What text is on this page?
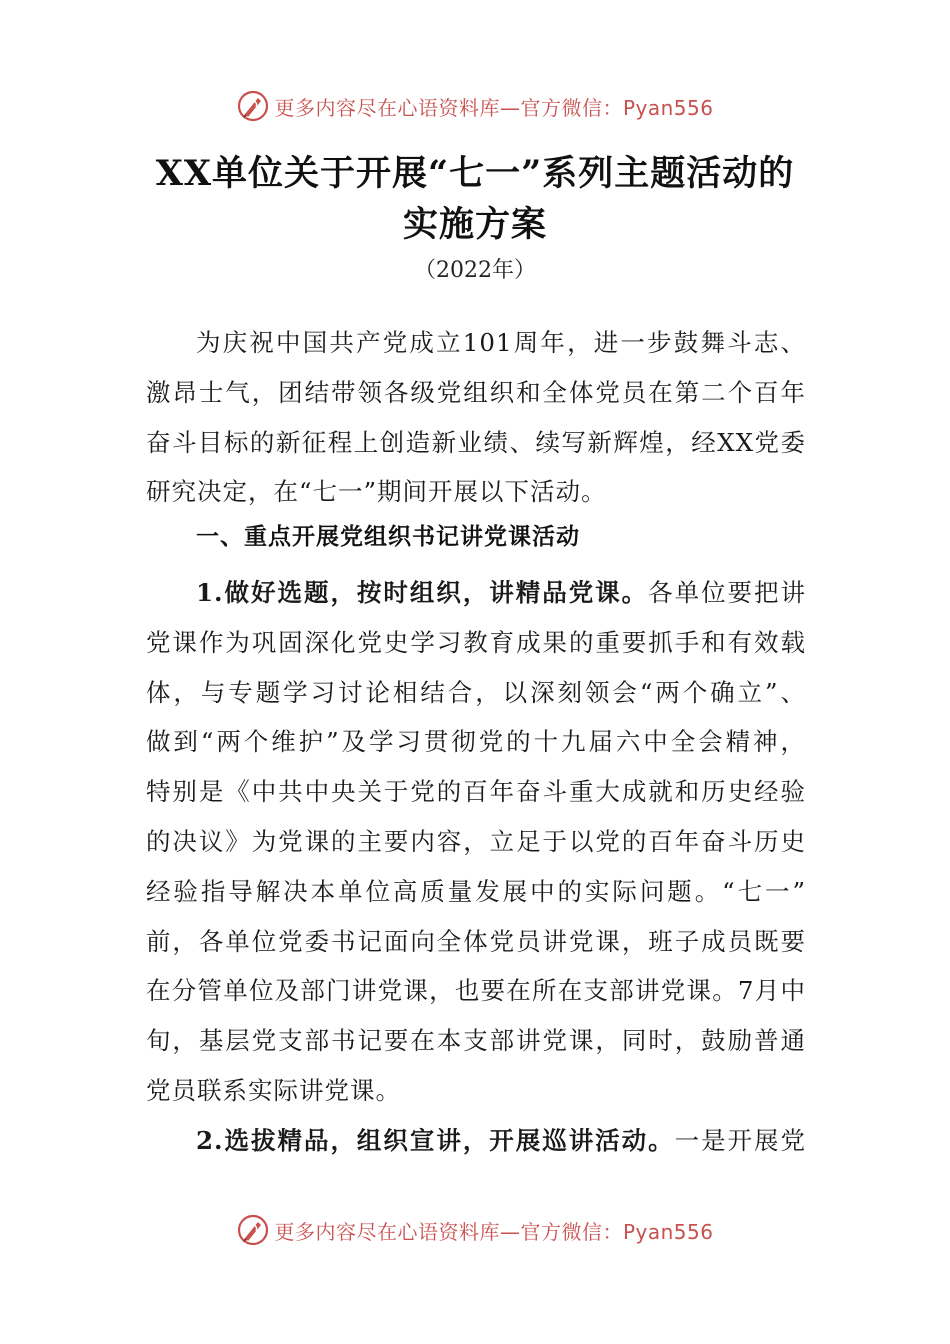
更多内容尽在心语资料库—官方微信：Pyan556
XX单位关于开展“七一”系列主题活动的
实施方案
（2022年）
为庆祝中国共产党成立101周年，进一步鼓舞斗志、
激昂士气，团结带领各级党组织和全体党员在第二个百年
奋斗目标的新征程上创造新业绩、续写新辉煌，经XX党委
研究决定，在“七一”期间开展以下活动。
一、重点开展党组织书记讲党课活动
1.做好选题，按时组织，讲精品党课。各单位要把讲
党课作为巩固深化党史学习教育成果的重要抓手和有效载
体，与专题学习讨论相结合，以深刻领会“两个确立”、
做到“两个维护”及学习贯彻党的十九届六中全会精神，
特别是《中共中央关于党的百年奋斗重大成就和历史经验
的决议》为党课的主要内容，立足于以党的百年奋斗历史
经验指导解决本单位高质量发展中的实际问题。“七一”
前，各单位党委书记面向全体党员讲党课，班子成员既要
在分管单位及部门讲党课，也要在所在支部讲党课。7月中
旬，基层党支部书记要在本支部讲党课，同时，鼓励普通
党员联系实际讲党课。
2.选拔精品，组织宣讲，开展巡讲活动。一是开展党
更多内容尽在心语资料库—官方微信：Pyan556
